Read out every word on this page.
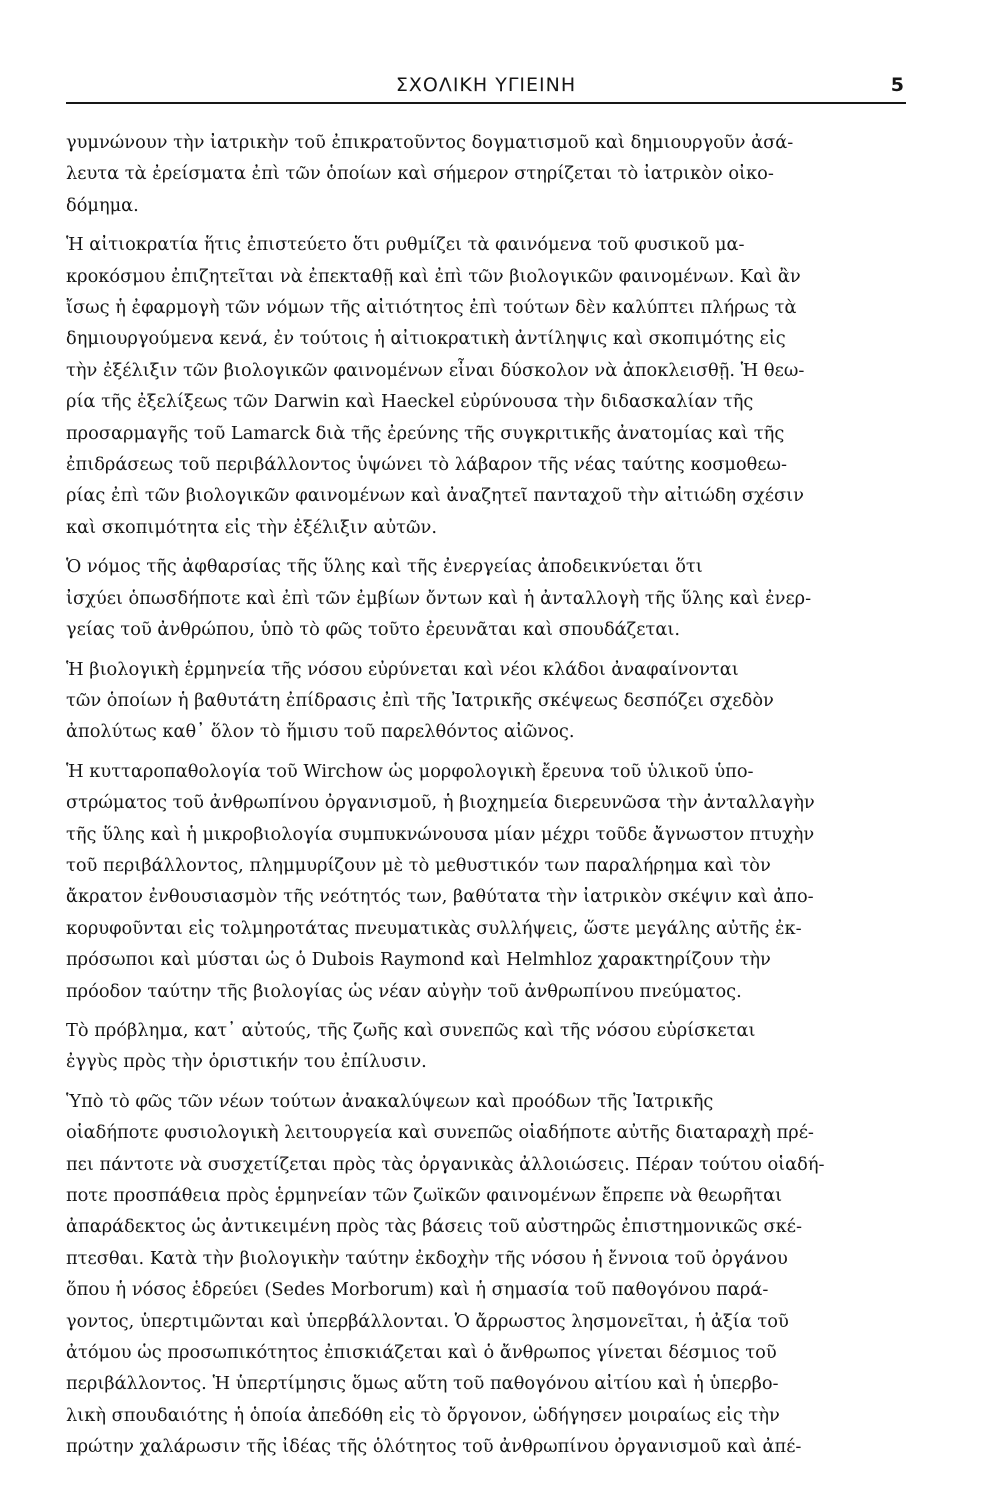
ΣΧΟΛΙΚΗ ΥΓΙΕΙΝΗ	5
γυμνώνουν τὴν ἰατρικὴν τοῦ ἐπικρατοῦντος δογματισμοῦ καὶ δημιουργοῦν ἀσά-
λευτα τὰ ἐρείσματα ἐπὶ τῶν ὁποίων καὶ σήμερον στηρίζεται τὸ ἰατρικὸν οἰκο-
δόμημα.
Ἡ αἰτιοκρατία ἥτις ἐπιστεύετο ὅτι ρυθμίζει τὰ φαινόμενα τοῦ φυσικοῦ μα-
κροκόσμου ἐπιζητεῖται νὰ ἐπεκταθῇ καὶ ἐπὶ τῶν βιολογικῶν φαινομένων. Καὶ ἂν
ἴσως ἡ ἐφαρμογὴ τῶν νόμων τῆς αἰτιότητος ἐπὶ τούτων δὲν καλύπτει πλήρως τὰ
δημιουργούμενα κενά, ἐν τούτοις ἡ αἰτιοκρατικὴ ἀντίληψις καὶ σκοπιμότης εἰς
τὴν ἐξέλιξιν τῶν βιολογικῶν φαινομένων εἶναι δύσκολον νὰ ἀποκλεισθῇ. Ἡ θεω-
ρία τῆς ἐξελίξεως τῶν Darwin καὶ Haeckel εὐρύνουσα τὴν διδασκαλίαν τῆς
προσαρμαγῆς τοῦ Lamarck διὰ τῆς ἐρεύνης τῆς συγκριτικῆς ἀνατομίας καὶ τῆς
ἐπιδράσεως τοῦ περιβάλλοντος ὑψώνει τὸ λάβαρον τῆς νέας ταύτης κοσμοθεω-
ρίας ἐπὶ τῶν βιολογικῶν φαινομένων καὶ ἀναζητεῖ πανταχοῦ τὴν αἰτιώδη σχέσιν
καὶ σκοπιμότητα εἰς τὴν ἐξέλιξιν αὐτῶν.
Ὁ νόμος τῆς ἀφθαρσίας τῆς ὕλης καὶ τῆς ἐνεργείας ἀποδεικνύεται ὅτι
ἰσχύει ὁπωσδήποτε καὶ ἐπὶ τῶν ἐμβίων ὄντων καὶ ἡ ἀνταλλογὴ τῆς ὕλης καὶ ἐνερ-
γείας τοῦ ἀνθρώπου, ὑπὸ τὸ φῶς τοῦτο ἐρευνᾶται καὶ σπουδάζεται.
Ἡ βιολογικὴ ἑρμηνεία τῆς νόσου εὐρύνεται καὶ νέοι κλάδοι ἀναφαίνονται
τῶν ὁποίων ἡ βαθυτάτη ἐπίδρασις ἐπὶ τῆς Ἰατρικῆς σκέψεως δεσπόζει σχεδὸν
ἀπολύτως καθ᾿ ὅλον τὸ ἥμισυ τοῦ παρελθόντος αἰῶνος.
Ἡ κυτταροπαθολογία τοῦ Wirchow ὡς μορφολογικὴ ἔρευνα τοῦ ὑλικοῦ ὑπο-
στρώματος τοῦ ἀνθρωπίνου ὀργανισμοῦ, ἡ βιοχημεία διερευνῶσα τὴν ἀνταλλαγὴν
τῆς ὕλης καὶ ἡ μικροβιολογία συμπυκνώνουσα μίαν μέχρι τοῦδε ἄγνωστον πτυχὴν
τοῦ περιβάλλοντος, πλημμυρίζουν μὲ τὸ μεθυστικόν των παραλήρημα καὶ τὸν
ἄκρατον ἐνθουσιασμὸν τῆς νεότητός των, βαθύτατα τὴν ἰατρικὸν σκέψιν καὶ ἀπο-
κορυφοῦνται εἰς τολμηροτάτας πνευματικὰς συλλήψεις, ὥστε μεγάλης αὐτῆς ἐκ-
πρόσωποι καὶ μύσται ὡς ὁ Dubois Raymond καὶ Helmhloz χαρακτηρίζουν τὴν
πρόοδον ταύτην τῆς βιολογίας ὡς νέαν αὐγὴν τοῦ ἀνθρωπίνου πνεύματος.
Τὸ πρόβλημα, κατ᾿ αὐτούς, τῆς ζωῆς καὶ συνεπῶς καὶ τῆς νόσου εὑρίσκεται
ἐγγὺς πρὸς τὴν ὁριστικήν του ἐπίλυσιν.
Ὑπὸ τὸ φῶς τῶν νέων τούτων ἀνακαλύψεων καὶ προόδων τῆς Ἰατρικῆς
οἱαδήποτε φυσιολογικὴ λειτουργεία καὶ συνεπῶς οἱαδήποτε αὐτῆς διαταραχὴ πρέ-
πει πάντοτε νὰ συσχετίζεται πρὸς τὰς ὀργανικὰς ἀλλοιώσεις. Πέραν τούτου οἱαδή-
ποτε προσπάθεια πρὸς ἑρμηνείαν τῶν ζωϊκῶν φαινομένων ἔπρεπε νὰ θεωρῆται
ἀπαράδεκτος ὡς ἀντικειμένη πρὸς τὰς βάσεις τοῦ αὐστηρῶς ἐπιστημονικῶς σκέ-
πτεσθαι. Κατὰ τὴν βιολογικὴν ταύτην ἐκδοχὴν τῆς νόσου ἡ ἔννοια τοῦ ὀργάνου
ὅπου ἡ νόσος ἑδρεύει (Sedes Morborum) καὶ ἡ σημασία τοῦ παθογόνου παρά-
γοντος, ὑπερτιμῶνται καὶ ὑπερβάλλονται. Ὁ ἄρρωστος λησμονεῖται, ἡ ἀξία τοῦ
ἀτόμου ὡς προσωπικότητος ἐπισκιάζεται καὶ ὁ ἄνθρωπος γίνεται δέσμιος τοῦ
περιβάλλοντος. Ἡ ὑπερτίμησις ὅμως αὕτη τοῦ παθογόνου αἰτίου καὶ ἡ ὑπερβο-
λικὴ σπουδαιότης ἡ ὁποία ἀπεδόθη εἰς τὸ ὄργονον, ὡδήγησεν μοιραίως εἰς τὴν
πρώτην χαλάρωσιν τῆς ἰδέας τῆς ὁλότητος τοῦ ἀνθρωπίνου ὀργανισμοῦ καὶ ἀπέ-
